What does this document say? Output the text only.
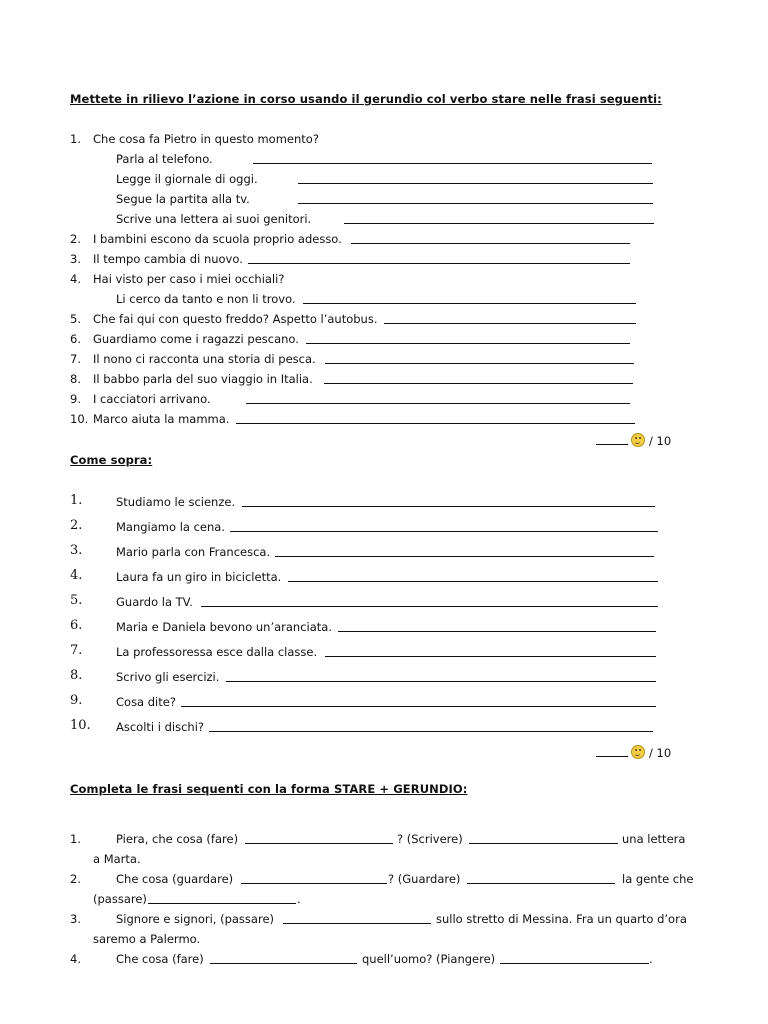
Mettete in rilievo l’azione in corso usando il gerundio col verbo stare nelle frasi seguenti:
1. Che cosa fa Pietro in questo momento?
Parla al telefono.
Legge il giornale di oggi.
Segue la partita alla tv.
Scrive una lettera ai suoi genitori.
2. I bambini escono da scuola proprio adesso.
3. Il tempo cambia di nuovo.
4. Hai visto per caso i miei occhiali?
Li cerco da tanto e non li trovo.
5. Che fai qui con questo freddo? Aspetto l’autobus.
6. Guardiamo come i ragazzi pescano.
7. Il nono ci racconta una storia di pesca.
8. Il babbo parla del suo viaggio in Italia.
9. I cacciatori arrivano.
10. Marco aiuta la mamma.
/ 10
Come sopra:
1.	Studiamo le scienze.
2.	Mangiamo la cena.
3.	Mario parla con Francesca.
4.	Laura fa un giro in bicicletta.
5.	Guardo la TV.
6.	Maria e Daniela bevono un’aranciata.
7.	La professoressa esce dalla classe.
8.	Scrivo gli esercizi.
9.	Cosa dite?
10. Ascolti i dischi?
/ 10
Completa le frasi sequenti con la forma STARE + GERUNDIO:
1.	Piera, che cosa (fare)	? (Scrivere)	una lettera
a Marta.
2.	Che cosa (guardare)	? (Guardare)	la gente che
(passare)	.
3.	Signore e signori, (passare)	sullo stretto di Messina. Fra un quarto d’ora
saremo a Palermo.
4.	Che cosa (fare)	quell’uomo? (Piangere)	.
